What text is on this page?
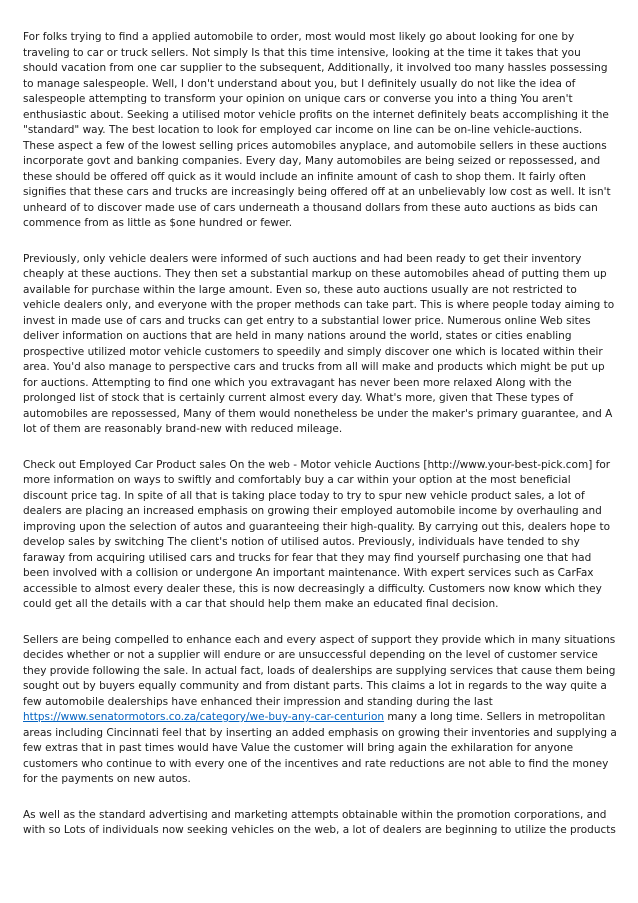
For folks trying to find a applied automobile to order, most would most likely go about looking for one by traveling to car or truck sellers. Not simply Is that this time intensive, looking at the time it takes that you should vacation from one car supplier to the subsequent, Additionally, it involved too many hassles possessing to manage salespeople. Well, I don't understand about you, but I definitely usually do not like the idea of salespeople attempting to transform your opinion on unique cars or converse you into a thing You aren't enthusiastic about. Seeking a utilised motor vehicle profits on the internet definitely beats accomplishing it the "standard" way. The best location to look for employed car income on line can be on-line vehicle-auctions. These aspect a few of the lowest selling prices automobiles anyplace, and automobile sellers in these auctions incorporate govt and banking companies. Every day, Many automobiles are being seized or repossessed, and these should be offered off quick as it would include an infinite amount of cash to shop them. It fairly often signifies that these cars and trucks are increasingly being offered off at an unbelievably low cost as well. It isn't unheard of to discover made use of cars underneath a thousand dollars from these auto auctions as bids can commence from as little as $one hundred or fewer.

Previously, only vehicle dealers were informed of such auctions and had been ready to get their inventory cheaply at these auctions. They then set a substantial markup on these automobiles ahead of putting them up available for purchase within the large amount. Even so, these auto auctions usually are not restricted to vehicle dealers only, and everyone with the proper methods can take part. This is where people today aiming to invest in made use of cars and trucks can get entry to a substantial lower price. Numerous online Web sites deliver information on auctions that are held in many nations around the world, states or cities enabling prospective utilized motor vehicle customers to speedily and simply discover one which is located within their area. You'd also manage to perspective cars and trucks from all will make and products which might be put up for auctions. Attempting to find one which you extravagant has never been more relaxed Along with the prolonged list of stock that is certainly current almost every day. What's more, given that These types of automobiles are repossessed, Many of them would nonetheless be under the maker's primary guarantee, and A lot of them are reasonably brand-new with reduced mileage.

Check out Employed Car Product sales On the web - Motor vehicle Auctions [http://www.your-best-pick.com] for more information on ways to swiftly and comfortably buy a car within your option at the most beneficial discount price tag. In spite of all that is taking place today to try to spur new vehicle product sales, a lot of dealers are placing an increased emphasis on growing their employed automobile income by overhauling and improving upon the selection of autos and guaranteeing their high-quality. By carrying out this, dealers hope to develop sales by switching The client's notion of utilised autos. Previously, individuals have tended to shy faraway from acquiring utilised cars and trucks for fear that they may find yourself purchasing one that had been involved with a collision or undergone An important maintenance. With expert services such as CarFax accessible to almost every dealer these, this is now decreasingly a difficulty. Customers now know which they could get all the details with a car that should help them make an educated final decision.

Sellers are being compelled to enhance each and every aspect of support they provide which in many situations decides whether or not a supplier will endure or are unsuccessful depending on the level of customer service they provide following the sale. In actual fact, loads of dealerships are supplying services that cause them being sought out by buyers equally community and from distant parts. This claims a lot in regards to the way quite a few automobile dealerships have enhanced their impression and standing during the last https://www.senatormotors.co.za/category/we-buy-any-car-centurion many a long time. Sellers in metropolitan areas including Cincinnati feel that by inserting an added emphasis on growing their inventories and supplying a few extras that in past times would have Value the customer will bring again the exhilaration for anyone customers who continue to with every one of the incentives and rate reductions are not able to find the money for the payments on new autos.

As well as the standard advertising and marketing attempts obtainable within the promotion corporations, and with so Lots of individuals now seeking vehicles on the web, a lot of dealers are beginning to utilize the products
